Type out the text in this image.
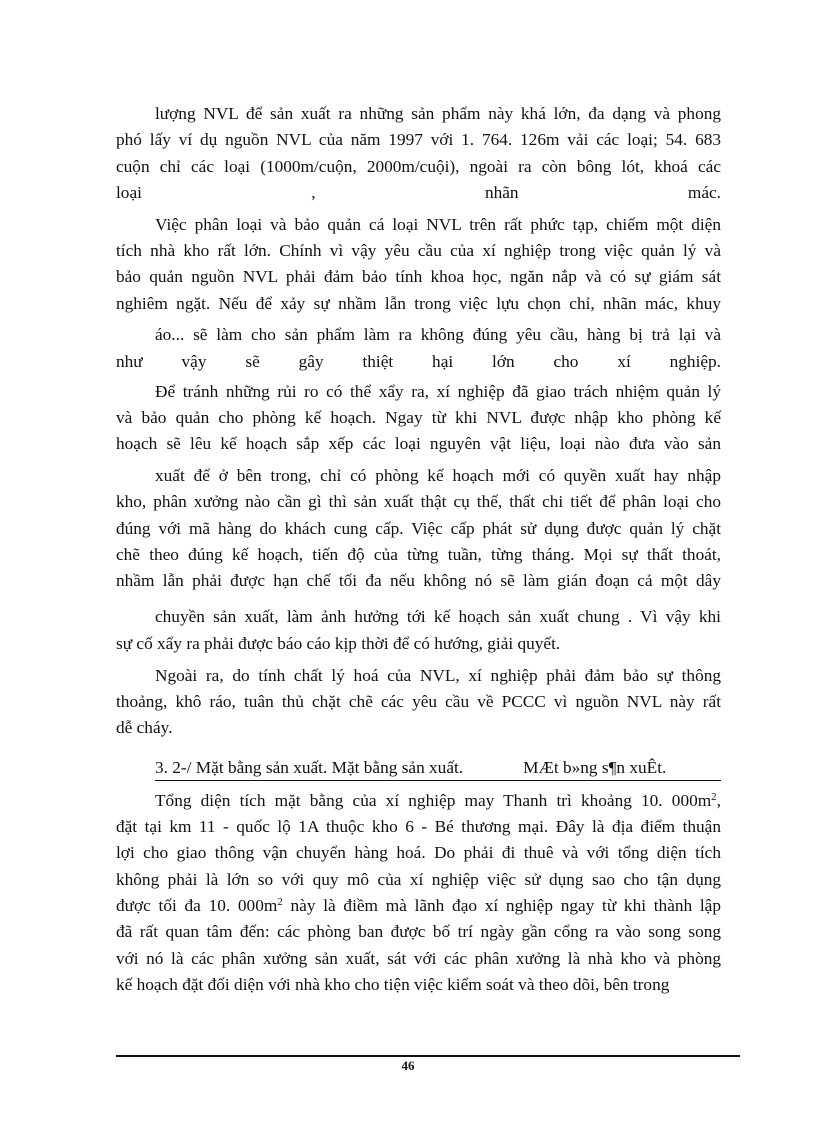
lượng NVL để sản xuất ra những sản phẩm này khá lớn, đa dạng và phong
phó lấy ví dụ nguồn NVL của năm 1997 với 1. 764. 126m vải các loại; 54. 683
cuộn chỉ các loại (1000m/cuộn, 2000m/cuội), ngoài ra còn bông lót, khoá các
loại , nhãn mác.
Việc phân loại và bảo quản cá loại NVL trên rất phức tạp, chiếm một diện
tích nhà kho rất lớn. Chính vì vậy yêu cầu của xí nghiệp trong việc quản lý và
bảo quản nguồn NVL phải đảm bảo tính khoa học, ngăn nắp và có sự giám sát
nghiêm ngặt. Nếu để xảy sự nhầm lẫn trong việc lựu chọn chỉ, nhãn mác, khuy
áo... sẽ làm cho sản phẩm làm ra không đúng yêu cầu, hàng bị trả lại và
như vậy sẽ gây thiệt hại lớn cho xí nghiệp.
Để tránh những rủi ro có thể xẩy ra, xí nghiệp đã giao trách nhiệm quản lý
và bảo quản cho phòng kế hoạch. Ngay từ khi NVL được nhập kho phòng kế
hoạch sẽ lêu kế hoạch sắp xếp các loại nguyên vật liệu, loại nào đưa vào sản
xuất để ở bên trong, chỉ có phòng kế hoạch mới có quyền xuất hay nhập
kho, phân xưởng nào cần gì thì sản xuất thật cụ thể, thất chi tiết để phân loại cho
đúng với mã hàng do khách cung cấp. Việc cấp phát sử dụng được quản lý chặt
chẽ theo đúng kế hoạch, tiến độ của từng tuần, từng tháng. Mọi sự thất thoát,
nhầm lẫn phải được hạn chế tối đa nếu không nó sẽ làm gián đoạn cả một dây
chuyền sản xuất, làm ảnh hưởng tới kế hoạch sản xuất chung . Vì vậy khi
sự cố xẩy ra phải được báo cáo kịp thời để có hướng, giải quyết.
Ngoài ra, do tính chất lý hoá của NVL, xí nghiệp phải đảm bảo sự thông
thoảng, khô ráo, tuân thủ chặt chẽ các yêu cầu về PCCC vì nguồn NVL này rất
dễ cháy.
3. 2-/ Mặt bằng sản xuất. Mặt bằng sản xuất.	MÆt b»ng s¶n xuÊt.
Tổng diện tích mặt bằng của xí nghiệp may Thanh trì khoảng 10. $000m^2$,
đặt tại km 11 - quốc lộ 1A thuộc kho 6 - Bé thương mại. Đây là địa điểm thuận
lợi cho giao thông vận chuyển hàng hoá. Do phải đi thuê và với tổng diện tích
không phải là lớn so với quy mô của xí nghiệp việc sử dụng sao cho tận dụng
được tối đa 10. $000m^2$ này là điềm mà lãnh đạo xí nghiệp ngay từ khi thành lập
đã rất quan tâm đến: các phòng ban được bố trí ngày gần cổng ra vào song song
với nó là các phân xưởng sản xuất, sát với các phân xưởng là nhà kho và phòng
kế hoạch đặt đối diện với nhà kho cho tiện việc kiểm soát và theo dõi, bên trong
46
